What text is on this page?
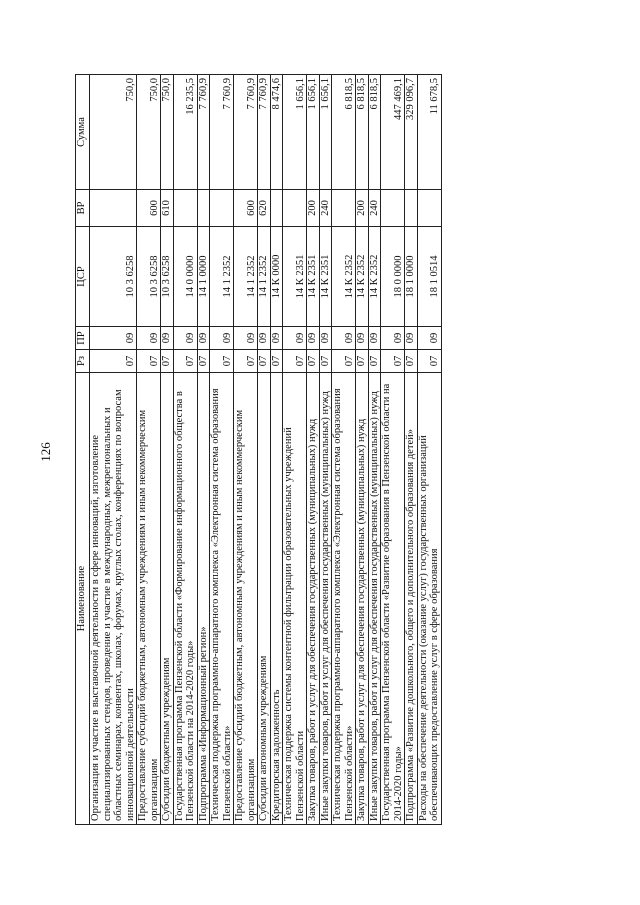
126
Наименование	Рз	ПР	ЦСР	ВР	Сумма
Организация и участие в выставочной деятельности в сфере инноваций, изготовление специализированных стендов, проведение и участие в международных, межрегиональных и областных семинарах, конвентах, школах, форумах, круглых столах, конференциях по вопросам инновационной деятельности	07	09	10 3 6258		750,0
Предоставление субсидий бюджетным, автономным учреждениям и иным некоммерческим организациям	07	09	10 3 6258	600	750,0
Субсидии бюджетным учреждениям	07	09	10 3 6258	610	750,0
Государственная программа Пензенской области «Формирование информационного общества в Пензенской области на 2014-2020 годы»	07	09	14 0 0000		16 235,5
Подпрограмма «Информационный регион»	07	09	14 1 0000		7 760,9
Техническая поддержка программно-аппаратного комплекса «Электронная система образования Пензенской области»	07	09	14 1 2352		7 760,9
Предоставление субсидий бюджетным, автономным учреждениям и иным некоммерческим организациям	07	09	14 1 2352	600	7 760,9
Субсидии автономным учреждениям	07	09	14 1 2352	620	7 760,9
Кредиторская задолженность	07	09	14 К 0000		8 474,6
Техническая поддержка системы контентной фильтрации образовательных учреждений Пензенской области	07	09	14 К 2351		1 656,1
Закупка товаров, работ и услуг для обеспечения государственных (муниципальных) нужд	07	09	14 К 2351	200	1 656,1
Иные закупки товаров, работ и услуг для обеспечения государственных (муниципальных) нужд	07	09	14 К 2351	240	1 656,1
Техническая поддержка программно-аппаратного комплекса «Электронная система образования Пензенской области»	07	09	14 К 2352		6 818,5
Закупка товаров, работ и услуг для обеспечения государственных (муниципальных) нужд	07	09	14 К 2352	200	6 818,5
Иные закупки товаров, работ и услуг для обеспечения государственных (муниципальных) нужд	07	09	14 К 2352	240	6 818,5
Государственная программа Пензенской области «Развитие образования в Пензенской области на 2014-2020 годы»	07	09	18 0 0000		447 469,1
Подпрограмма «Развитие дошкольного, общего и дополнительного образования детей»	07	09	18 1 0000		329 096,7
Расходы на обеспечение деятельности (оказание услуг) государственных организаций обеспечивающих предоставление услуг в сфере образования	07	09	18 1 0514		11 678,5
